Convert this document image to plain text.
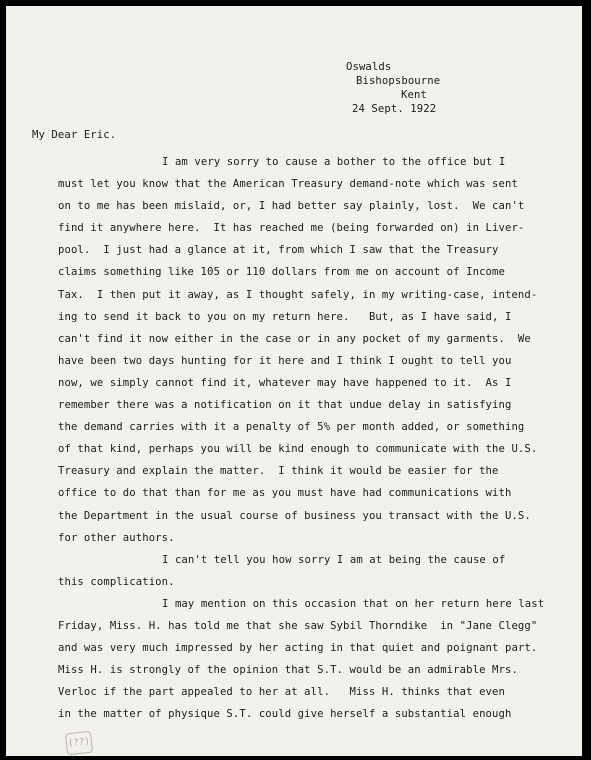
Oswalds
Bishopsbourne
Kent
24 Sept. 1922
My Dear Eric.
I am very sorry to cause a bother to the office but I
must let you know that the American Treasury demand-note which was sent
on to me has been mislaid, or, I had better say plainly, lost.  We can't
find it anywhere here.  It has reached me (being forwarded on) in Liver-
pool.  I just had a glance at it, from which I saw that the Treasury
claims something like 105 or 110 dollars from me on account of Income
Tax.  I then put it away, as I thought safely, in my writing-case, intend-
ing to send it back to you on my return here.   But, as I have said, I
can't find it now either in the case or in any pocket of my garments.  We
have been two days hunting for it here and I think I ought to tell you
now, we simply cannot find it, whatever may have happened to it.  As I
remember there was a notification on it that undue delay in satisfying
the demand carries with it a penalty of 5% per month added, or something
of that kind, perhaps you will be kind enough to communicate with the U.S.
Treasury and explain the matter.  I think it would be easier for the
office to do that than for me as you must have had communications with
the Department in the usual course of business you transact with the U.S.
for other authors.
I can't tell you how sorry I am at being the cause of
this complication.
I may mention on this occasion that on her return here last
Friday, Miss. H. has told me that she saw Sybil Thorndike  in "Jane Clegg"
and was very much impressed by her acting in that quiet and poignant part.
Miss H. is strongly of the opinion that S.T. would be an admirable Mrs.
Verloc if the part appealed to her at all.   Miss H. thinks that even
in the matter of physique S.T. could give herself a substantial enough
(??)
